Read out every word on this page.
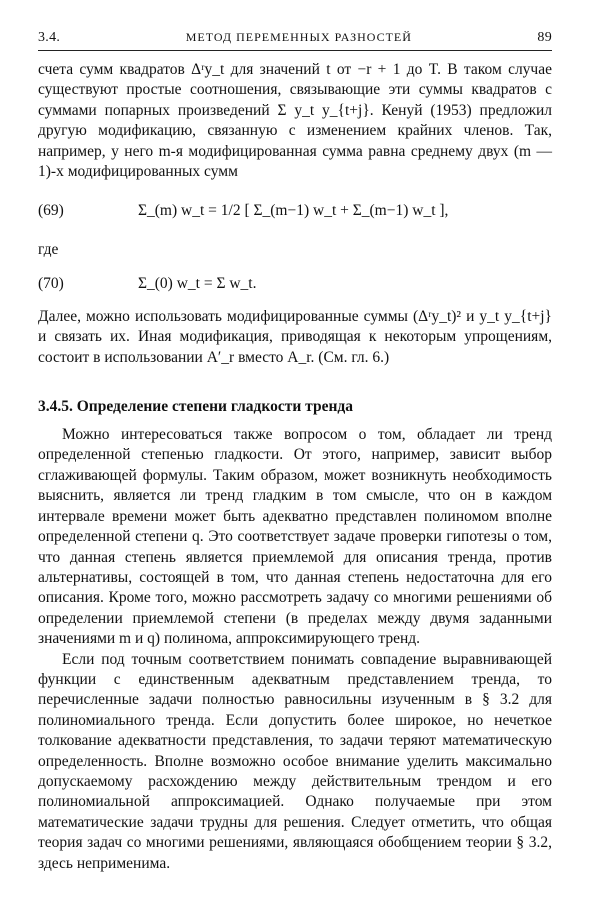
3.4.	МЕТОД ПЕРЕМЕННЫХ РАЗНОСТЕЙ	89

счета сумм квадратов Δʳy_t для значений t от −r + 1 до T. В таком случае существуют простые соотношения, связывающие эти суммы квадратов с суммами попарных произведений Σ y_t y_{t+j}. Кенуй (1953) предложил другую модификацию, связанную с изменением крайних членов. Так, например, у него m-я модифицированная сумма равна среднему двух (m — 1)-х модифицированных сумм

(69)	Σ_(m) w_t = 1/2 [ Σ_(m−1) w_t + Σ_(m−1) w_t ],

где

(70)	Σ_(0) w_t = Σ w_t.

Далее, можно использовать модифицированные суммы (Δʳy_t)² и y_t y_{t+j} и связать их. Иная модификация, приводящая к некоторым упрощениям, состоит в использовании A′_r вместо A_r. (См. гл. 6.)

3.4.5. Определение степени гладкости тренда

Можно интересоваться также вопросом о том, обладает ли тренд определенной степенью гладкости. От этого, например, зависит выбор сглаживающей формулы. Таким образом, может возникнуть необходимость выяснить, является ли тренд гладким в том смысле, что он в каждом интервале времени может быть адекватно представлен полиномом вполне определенной степени q. Это соответствует задаче проверки гипотезы о том, что данная степень является приемлемой для описания тренда, против альтернативы, состоящей в том, что данная степень недостаточна для его описания. Кроме того, можно рассмотреть задачу со многими решениями об определении приемлемой степени (в пределах между двумя заданными значениями m и q) полинома, аппроксимирующего тренд.

Если под точным соответствием понимать совпадение выравнивающей функции с единственным адекватным представлением тренда, то перечисленные задачи полностью равносильны изученным в § 3.2 для полиномиального тренда. Если допустить более широкое, но нечеткое толкование адекватности представления, то задачи теряют математическую определенность. Вполне возможно особое внимание уделить максимально допускаемому расхождению между действительным трендом и его полиномиальной аппроксимацией. Однако получаемые при этом математические задачи трудны для решения. Следует отметить, что общая теория задач со многими решениями, являющаяся обобщением теории § 3.2, здесь неприменима.
